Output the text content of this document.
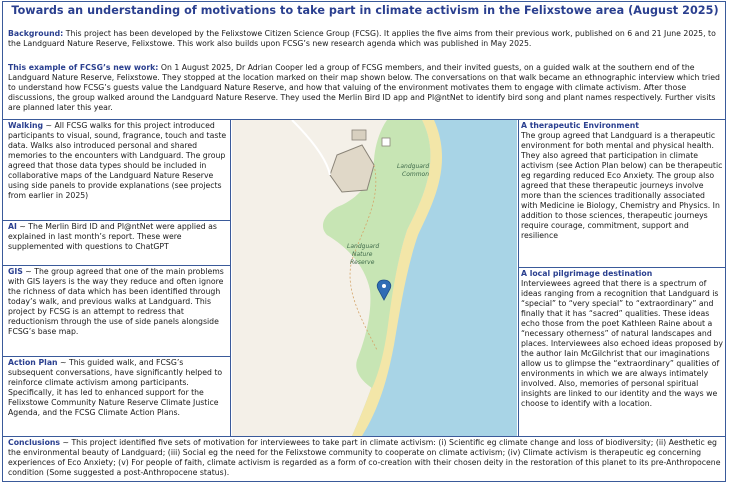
Towards an understanding of motivations to take part in climate activism in the Felixstowe area (August 2025)
Background: This project has been developed by the Felixstowe Citizen Science Group (FCSG). It applies the five aims from their previous work, published on 6 and 21 June 2025, to the Landguard Nature Reserve, Felixstowe. This work also builds upon FCSG’s new research agenda which was published in May 2025.
This example of FCSG’s new work: On 1 August 2025, Dr Adrian Cooper led a group of FCSG members, and their invited guests, on a guided walk at the southern end of the Landguard Nature Reserve, Felixstowe. They stopped at the location marked on their map shown below. The conversations on that walk became an ethnographic interview which tried to understand how FCSG’s guests value the Landguard Nature Reserve, and how that valuing of the environment motivates them to engage with climate activism. After those discussions, the group walked around the Landguard Nature Reserve. They used the Merlin Bird ID app and Pl@ntNet to identify bird song and plant names respectively. Further visits are planned later this year.
Walking ~ All FCSG walks for this project introduced participants to visual, sound, fragrance, touch and taste data. Walks also introduced personal and shared memories to the encounters with Landguard. The group agreed that those data types should be included in collaborative maps of the Landguard Nature Reserve using side panels to provide explanations (see projects from earlier in 2025)
AI ~ The Merlin Bird ID and Pl@ntNet were applied as explained in last month’s report. These were supplemented with questions to ChatGPT
GIS ~ The group agreed that one of the main problems with GIS layers is the way they reduce and often ignore the richness of data which has been identified through today’s walk, and previous walks at Landguard. This project by FCSG is an attempt to redress that reductionism through the use of side panels alongside FCSG’s base map.
Action Plan ~ This guided walk, and FCSG’s subsequent conversations, have significantly helped to reinforce climate activism among participants. Specifically, it has led to enhanced support for the Felixstowe Community Nature Reserve Climate Justice Agenda, and the FCSG Climate Action Plans.
A therapeutic Environment
The group agreed that Landguard is a therapeutic environment for both mental and physical health. They also agreed that participation in climate activism (see Action Plan below) can be therapeutic eg regarding reduced Eco Anxiety. The group also agreed that these therapeutic journeys involve more than the sciences traditionally associated with Medicine ie Biology, Chemistry and Physics. In addition to those sciences, therapeutic journeys require courage, commitment, support and resilience
A local pilgrimage destination
Interviewees agreed that there is a spectrum of ideas ranging from a recognition that Landguard is “special” to “very special” to “extraordinary” and finally that it has “sacred” qualities. These ideas echo those from the poet Kathleen Raine about a “necessary otherness” of natural landscapes and places. Interviewees also echoed ideas proposed by the author Iain McGilchrist that our imaginations allow us to glimpse the “extraordinary” qualities of environments in which we are always intimately involved. Also, memories of personal spiritual insights are linked to our identity and the ways we choose to identify with a location.
Conclusions ~ This project identified five sets of motivation for interviewees to take part in climate activism: (i) Scientific eg climate change and loss of biodiversity; (ii) Aesthetic eg the environmental beauty of Landguard; (iii) Social eg the need for the Felixstowe community to cooperate on climate activism; (iv) Climate activism is therapeutic eg concerning experiences of Eco Anxiety; (v) For people of faith, climate activism is regarded as a form of co-creation with their chosen deity in the restoration of this planet to its pre-Anthropocene condition (Some suggested a post-Anthropocene status).
Landguard
Common
Landguard
Nature
Reserve
